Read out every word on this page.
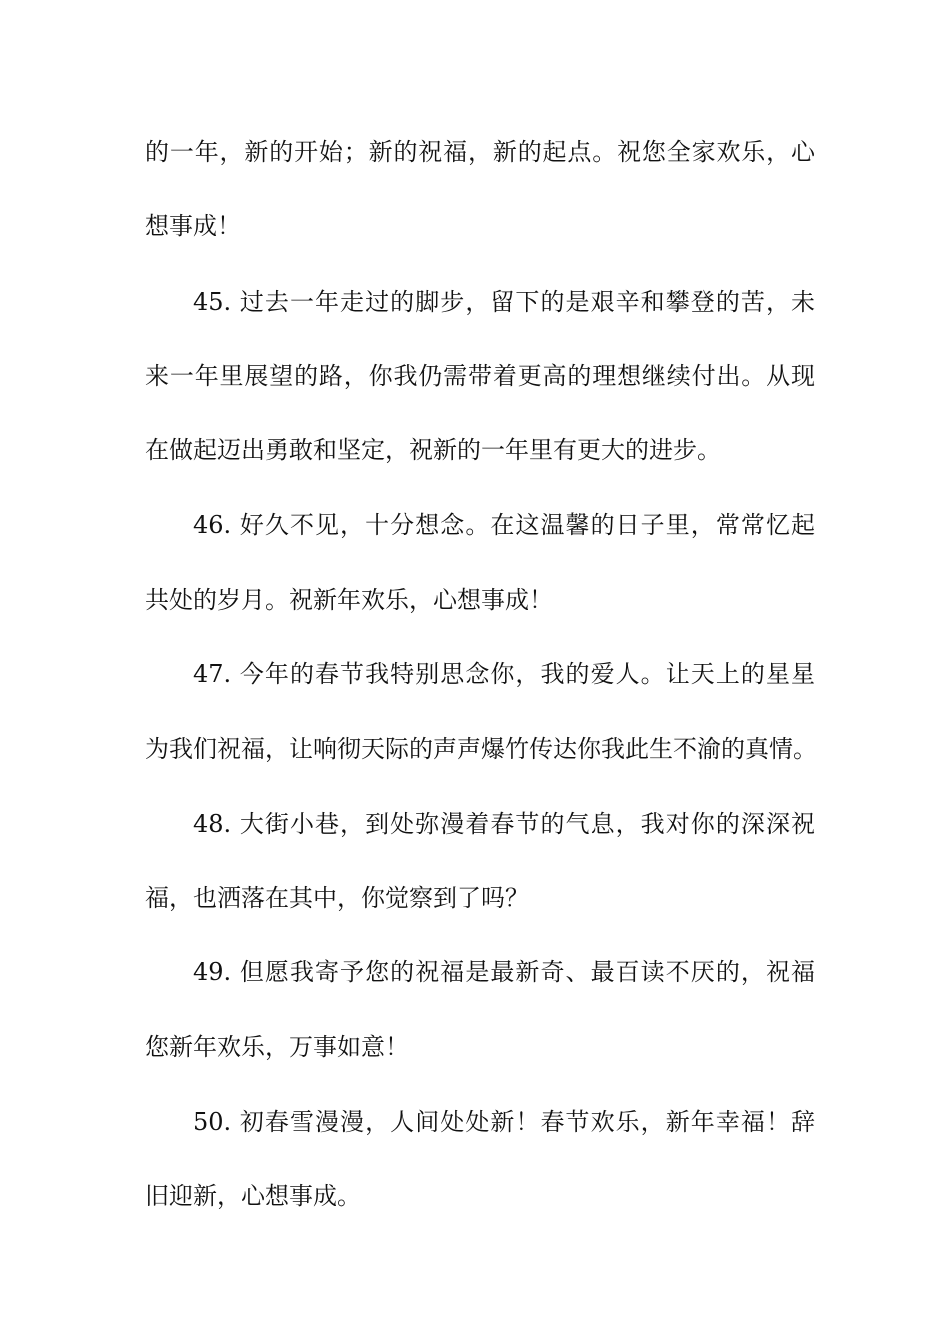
的一年，新的开始；新的祝福，新的起点。祝您全家欢乐，心
想事成！
45. 过去一年走过的脚步，留下的是艰辛和攀登的苦，未
来一年里展望的路，你我仍需带着更高的理想继续付出。从现
在做起迈出勇敢和坚定，祝新的一年里有更大的进步。
46. 好久不见，十分想念。在这温馨的日子里，常常忆起
共处的岁月。祝新年欢乐，心想事成！
47. 今年的春节我特别思念你，我的爱人。让天上的星星
为我们祝福，让响彻天际的声声爆竹传达你我此生不渝的真情。
48. 大街小巷，到处弥漫着春节的气息，我对你的深深祝
福，也洒落在其中，你觉察到了吗？
49. 但愿我寄予您的祝福是最新奇、最百读不厌的，祝福
您新年欢乐，万事如意！
50. 初春雪漫漫，人间处处新！春节欢乐，新年幸福！辞
旧迎新，心想事成。
